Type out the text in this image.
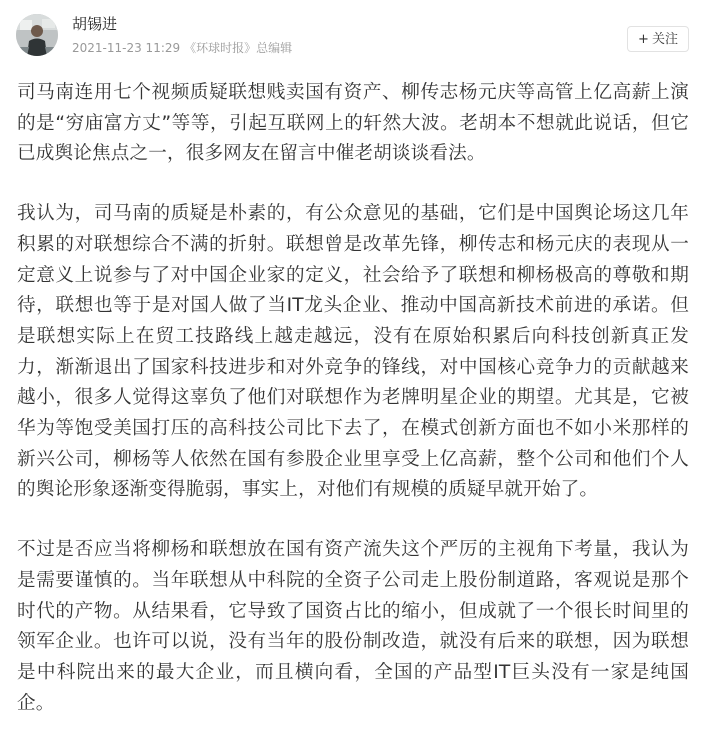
胡锡进
2021-11-23 11:29 《环球时报》总编辑
+ 关注

司马南连用七个视频质疑联想贱卖国有资产、柳传志杨元庆等高管上亿高薪上演的是“穷庙富方丈”等等，引起互联网上的轩然大波。老胡本不想就此说话，但它已成舆论焦点之一，很多网友在留言中催老胡谈谈看法。

我认为，司马南的质疑是朴素的，有公众意见的基础，它们是中国舆论场这几年积累的对联想综合不满的折射。联想曾是改革先锋，柳传志和杨元庆的表现从一定意义上说参与了对中国企业家的定义，社会给予了联想和柳杨极高的尊敬和期待，联想也等于是对国人做了当IT龙头企业、推动中国高新技术前进的承诺。但是联想实际上在贸工技路线上越走越远，没有在原始积累后向科技创新真正发力，渐渐退出了国家科技进步和对外竞争的锋线，对中国核心竞争力的贡献越来越小，很多人觉得这辜负了他们对联想作为老牌明星企业的期望。尤其是，它被华为等饱受美国打压的高科技公司比下去了，在模式创新方面也不如小米那样的新兴公司，柳杨等人依然在国有参股企业里享受上亿高薪，整个公司和他们个人的舆论形象逐渐变得脆弱，事实上，对他们有规模的质疑早就开始了。

不过是否应当将柳杨和联想放在国有资产流失这个严厉的主视角下考量，我认为是需要谨慎的。当年联想从中科院的全资子公司走上股份制道路，客观说是那个时代的产物。从结果看，它导致了国资占比的缩小，但成就了一个很长时间里的领军企业。也许可以说，没有当年的股份制改造，就没有后来的联想，因为联想是中科院出来的最大企业，而且横向看，全国的产品型IT巨头没有一家是纯国企。
